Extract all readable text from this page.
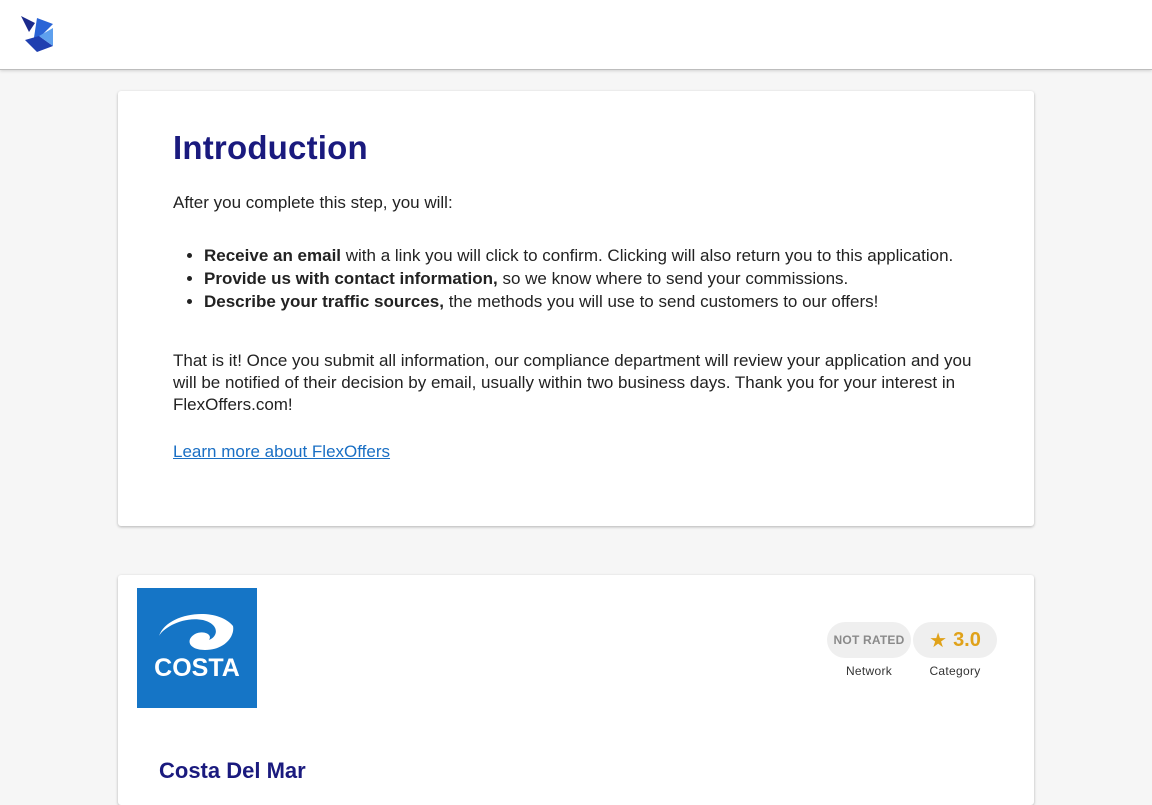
Introduction

After you complete this step, you will:

• Receive an email with a link you will click to confirm. Clicking will also return you to this application.
• Provide us with contact information, so we know where to send your commissions.
• Describe your traffic sources, the methods you will use to send customers to our offers!

That is it! Once you submit all information, our compliance department will review your application and you will be notified of their decision by email, usually within two business days. Thank you for your interest in FlexOffers.com!

Learn more about FlexOffers
COSTA
NOT RATED
Network
★ 3.0
Category
Costa Del Mar
